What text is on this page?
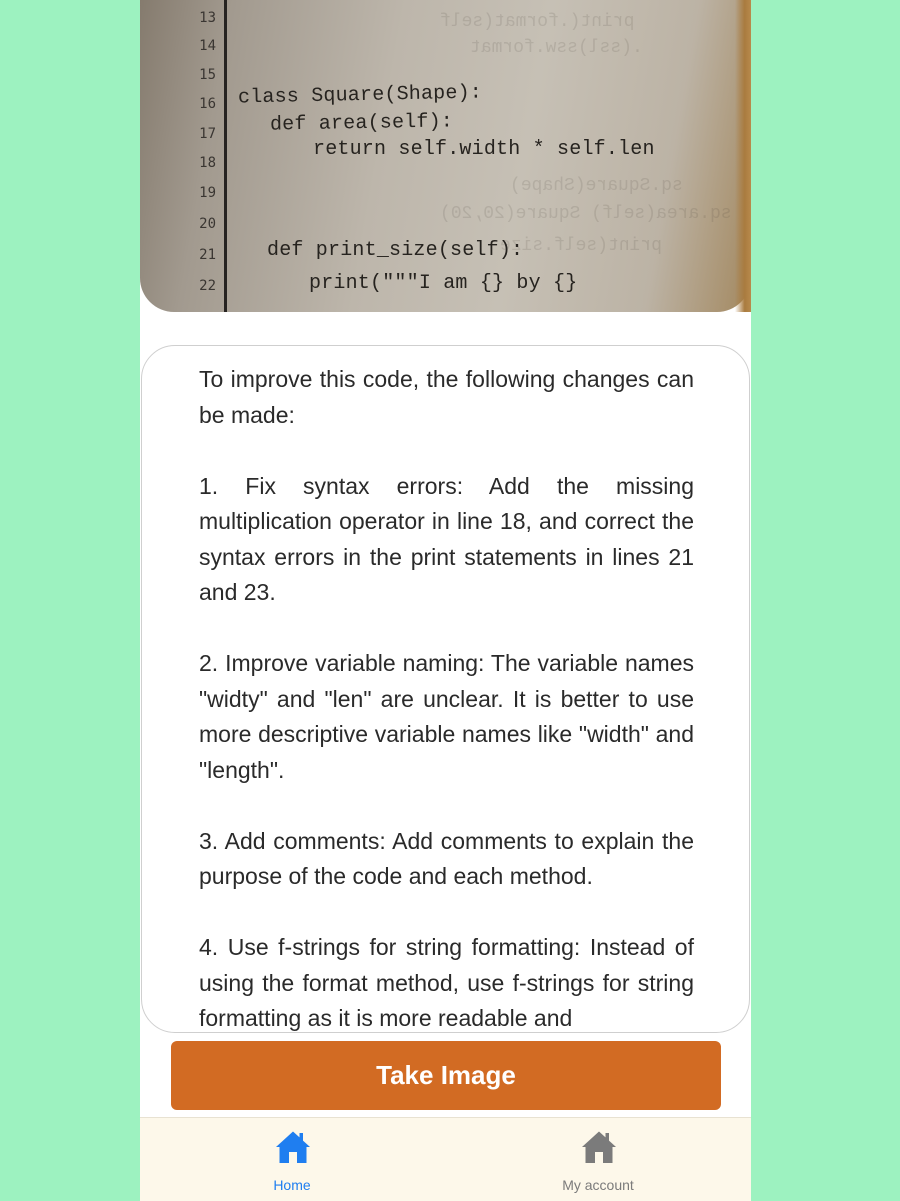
print(.format(self
.(ssl)ssw.format
sq.Square(Shape)
sq.area(self) Square(20,20)
print(self.size
13
14
15
16
17
18
19
20
21
22
class Square(Shape):
def area(self):
return self.width * self.len
def print_size(self):
print("""I am {} by {}

To improve this code, the following changes can be made:

1. Fix syntax errors: Add the missing multiplication operator in line 18, and correct the syntax errors in the print statements in lines 21 and 23.

2. Improve variable naming: The variable names "widty" and "len" are unclear. It is better to use more descriptive variable names like "width" and "length".

3. Add comments: Add comments to explain the purpose of the code and each method.

4. Use f-strings for string formatting: Instead of using the format method, use f-strings for string formatting as it is more readable and

Take Image
Home	My account
